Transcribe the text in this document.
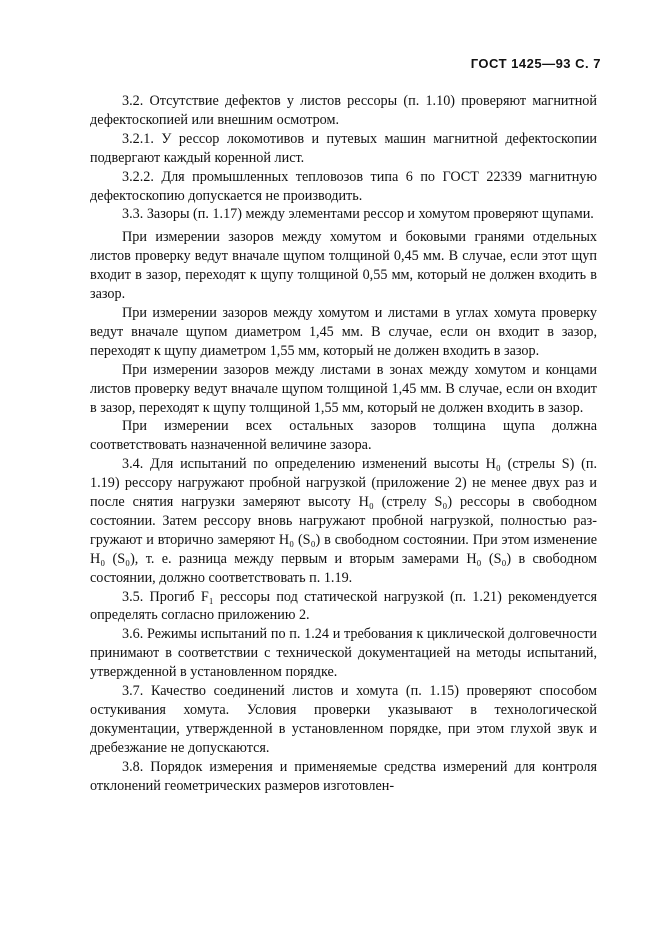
ГОСТ 1425—93 С. 7

3.2. Отсутствие дефектов у листов рессоры (п. 1.10) проверяют магнитной дефектоскопией или внешним осмотром.

3.2.1. У рессор локомотивов и путевых машин магнитной дефектоскопии подвергают каждый коренной лист.

3.2.2. Для промышленных тепловозов типа 6 по ГОСТ 22339 магнитную дефектоскопию допускается не производить.

3.3. Зазоры (п. 1.17) между элементами рессор и хомутом проверяют щупами.

При измерении зазоров между хомутом и боковыми гранями отдельных листов проверку ведут вначале щупом толщиной 0,45 мм. В случае, если этот щуп входит в зазор, переходят к щупу толщиной 0,55 мм, который не должен входить в зазор.

При измерении зазоров между хомутом и листами в углах хомута проверку ведут вначале щупом диаметром 1,45 мм. В случае, если он входит в зазор, переходят к щупу диаметром 1,55 мм, который не должен входить в зазор.

При измерении зазоров между листами в зонах между хомутом и концами листов проверку ведут вначале щупом толщиной 1,45 мм. В случае, если он входит в зазор, переходят к щупу толщиной 1,55 мм, который не должен входить в зазор.

При измерении всех остальных зазоров толщина щупа должна соответствовать назначенной величине зазора.

3.4. Для испытаний по определению изменений высоты H₀ (стрелы S) (п. 1.19) рессору нагружают пробной нагрузкой (приложение 2) не менее двух раз и после снятия нагрузки замеряют высоту H₀ (стрелу S₀) рессоры в свободном состоянии. Затем рессору вновь нагружают пробной нагрузкой, полностью разгружают и вторично замеряют H₀ (S₀) в свободном состоянии. При этом изменение H₀ (S₀), т. е. разница между первым и вторым замерами H₀ (S₀) в свободном состоянии, должно соответствовать п. 1.19.

3.5. Прогиб F₁ рессоры под статической нагрузкой (п. 1.21) рекомендуется определять согласно приложению 2.

3.6. Режимы испытаний по п. 1.24 и требования к циклической долговечности принимают в соответствии с технической документацией на методы испытаний, утвержденной в установленном порядке.

3.7. Качество соединений листов и хомута (п. 1.15) проверяют способом остукивания хомута. Условия проверки указывают в технологической документации, утвержденной в установленном порядке, при этом глухой звук и дребезжание не допускаются.

3.8. Порядок измерения и применяемые средства измерений для контроля отклонений геометрических размеров изготовлен-
